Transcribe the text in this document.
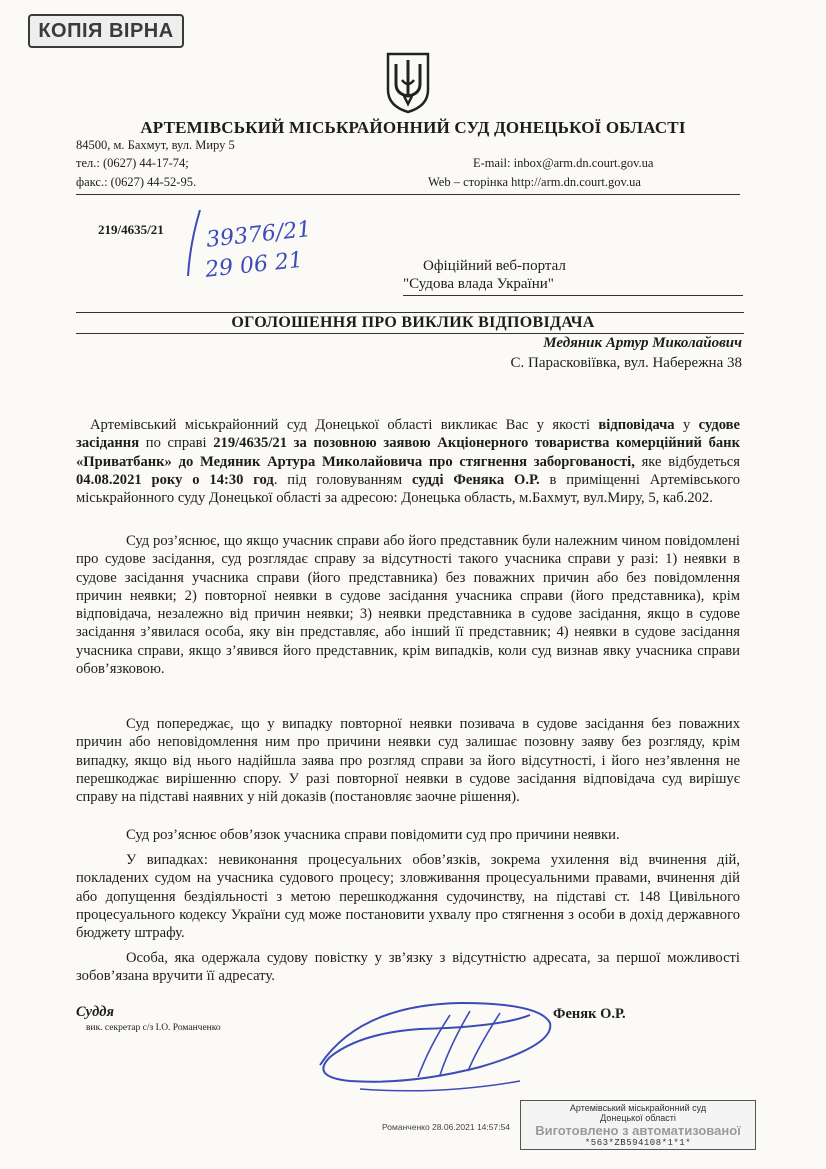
КОПІЯ ВІРНА
АРТЕМІВСЬКИЙ МІСЬКРАЙОННИЙ СУД ДОНЕЦЬКОЇ ОБЛАСТІ
84500, м. Бахмут, вул. Миру 5
тел.: (0627) 44-17-74;
факс.: (0627) 44-52-95.
E-mail: inbox@arm.dn.court.gov.ua
Web – сторінка http://arm.dn.court.gov.ua
219/4635/21 39376/21
29 06 21	Офіційний веб-портал
"Судова влада України"
ОГОЛОШЕННЯ ПРО ВИКЛИК ВІДПОВІДАЧА
Медяник Артур Миколайович
С. Парасковіївка, вул. Набережна 38
Артемівський міськрайонний суд Донецької області викликає Вас у якості відповідача у судове засідання по справі 219/4635/21 за позовною заявою Акціонерного товариства комерційний банк «Приватбанк» до Медяник Артура Миколайовича про стягнення заборгованості, яке відбудеться 04.08.2021 року о 14:30 год. під головуванням судді Феняка О.Р. в приміщенні Артемівського міськрайонного суду Донецької області за адресою: Донецька область, м.Бахмут, вул.Миру, 5, каб.202.
Суд роз’яснює, що якщо учасник справи або його представник були належним чином повідомлені про судове засідання, суд розглядає справу за відсутності такого учасника справи у разі: 1) неявки в судове засідання учасника справи (його представника) без поважних причин або без повідомлення причин неявки; 2) повторної неявки в судове засідання учасника справи (його представника), крім відповідача, незалежно від причин неявки; 3) неявки представника в судове засідання, якщо в судове засідання з’явилася особа, яку він представляє, або інший її представник; 4) неявки в судове засідання учасника справи, якщо з’явився його представник, крім випадків, коли суд визнав явку учасника справи обов’язковою.
Суд попереджає, що у випадку повторної неявки позивача в судове засідання без поважних причин або неповідомлення ним про причини неявки суд залишає позовну заяву без розгляду, крім випадку, якщо від нього надійшла заява про розгляд справи за його відсутності, і його нез’явлення не перешкоджає вирішенню спору. У разі повторної неявки в судове засідання відповідача суд вирішує справу на підставі наявних у ній доказів (постановляє заочне рішення).
Суд роз’яснює обов’язок учасника справи повідомити суд про причини неявки.
У випадках: невиконання процесуальних обов’язків, зокрема ухилення від вчинення дій, покладених судом на учасника судового процесу; зловживання процесуальними правами, вчинення дій або допущення бездіяльності з метою перешкоджання судочинству, на підставі ст. 148 Цивільного процесуального кодексу України суд може постановити ухвалу про стягнення з особи в дохід державного бюджету штрафу.
Особа, яка одержала судову повістку у зв’язку з відсутністю адресата, за першої можливості зобов’язана вручити її адресату.
Суддя
вик. секретар с/з І.О. Романченко
Феняк О.Р.
Романченко 28.06.2021 14:57:54
Артемівський міськрайонний суд
Донецької області
Виготовлено з автоматизованої
*563*ZB594108*1*1*
